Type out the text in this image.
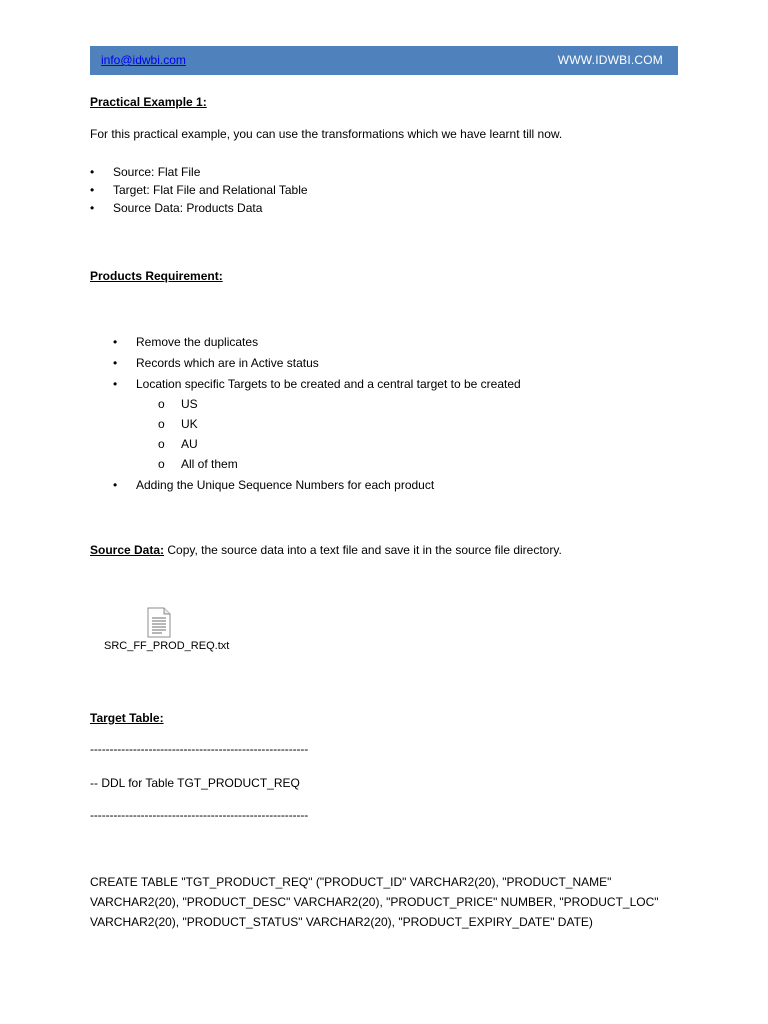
info@idwbi.com	WWW.IDWBI.COM
Practical Example 1:
For this practical example, you can use the transformations which we have learnt till now.
•	Source: Flat File
•	Target: Flat File and Relational Table
•	Source Data: Products Data
Products Requirement:
•	Remove the duplicates
•	Records which are in Active status
•	Location specific Targets to be created and a central target to be created
o	US
o	UK
o	AU
o	All of them
•	Adding the Unique Sequence Numbers for each product
Source Data: Copy, the source data into a text file and save it in the source file directory.
SRC_FF_PROD_REQ.txt
Target Table:
--------------------------------------------------------
-- DDL for Table TGT_PRODUCT_REQ
--------------------------------------------------------
CREATE TABLE "TGT_PRODUCT_REQ" ("PRODUCT_ID" VARCHAR2(20), "PRODUCT_NAME"
VARCHAR2(20), "PRODUCT_DESC" VARCHAR2(20), "PRODUCT_PRICE" NUMBER, "PRODUCT_LOC"
VARCHAR2(20), "PRODUCT_STATUS" VARCHAR2(20), "PRODUCT_EXPIRY_DATE" DATE)
